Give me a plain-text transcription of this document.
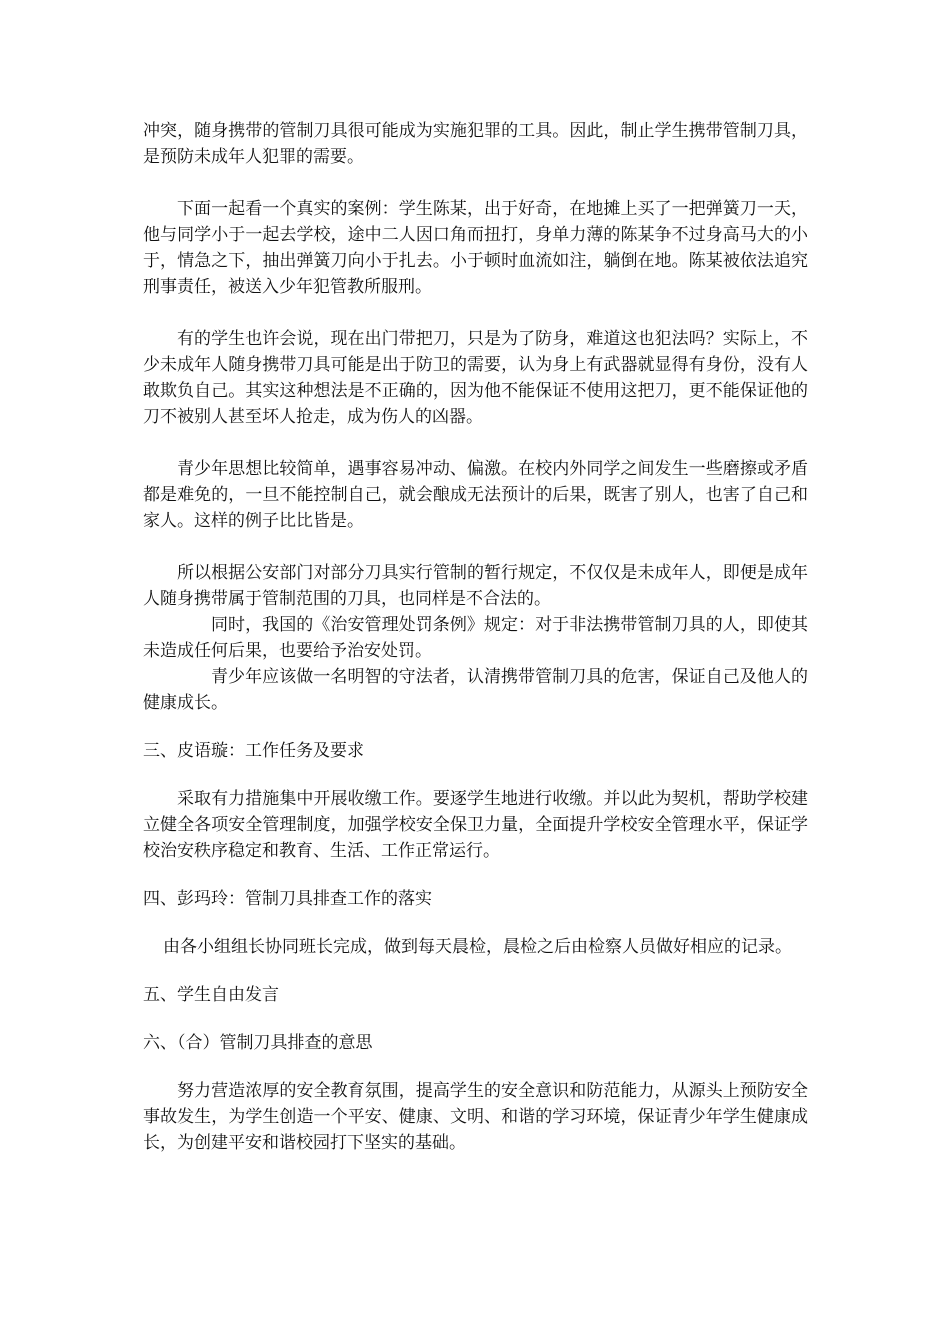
冲突，随身携带的管制刀具很可能成为实施犯罪的工具。因此，制止学生携带管制刀具，是预防未成年人犯罪的需要。

下面一起看一个真实的案例：学生陈某，出于好奇，在地摊上买了一把弹簧刀一天，他与同学小于一起去学校，途中二人因口角而扭打，身单力薄的陈某争不过身高马大的小于，情急之下，抽出弹簧刀向小于扎去。小于顿时血流如注，躺倒在地。陈某被依法追究刑事责任，被送入少年犯管教所服刑。

有的学生也许会说，现在出门带把刀，只是为了防身，难道这也犯法吗？实际上，不少未成年人随身携带刀具可能是出于防卫的需要，认为身上有武器就显得有身份，没有人敢欺负自己。其实这种想法是不正确的，因为他不能保证不使用这把刀，更不能保证他的刀不被别人甚至坏人抢走，成为伤人的凶器。

青少年思想比较简单，遇事容易冲动、偏激。在校内外同学之间发生一些磨擦或矛盾都是难免的，一旦不能控制自己，就会酿成无法预计的后果，既害了别人，也害了自己和家人。这样的例子比比皆是。

所以根据公安部门对部分刀具实行管制的暂行规定，不仅仅是未成年人，即便是成年人随身携带属于管制范围的刀具，也同样是不合法的。

同时，我国的《治安管理处罚条例》规定：对于非法携带管制刀具的人，即使其未造成任何后果，也要给予治安处罚。

青少年应该做一名明智的守法者，认清携带管制刀具的危害，保证自己及他人的健康成长。

三、皮语璇：工作任务及要求

采取有力措施集中开展收缴工作。要逐学生地进行收缴。并以此为契机，帮助学校建立健全各项安全管理制度，加强学校安全保卫力量，全面提升学校安全管理水平，保证学校治安秩序稳定和教育、生活、工作正常运行。

四、彭玛玲：管制刀具排查工作的落实

由各小组组长协同班长完成，做到每天晨检，晨检之后由检察人员做好相应的记录。

五、学生自由发言

六、（合）管制刀具排查的意思

努力营造浓厚的安全教育氛围，提高学生的安全意识和防范能力，从源头上预防安全事故发生，为学生创造一个平安、健康、文明、和谐的学习环境，保证青少年学生健康成长，为创建平安和谐校园打下坚实的基础。
